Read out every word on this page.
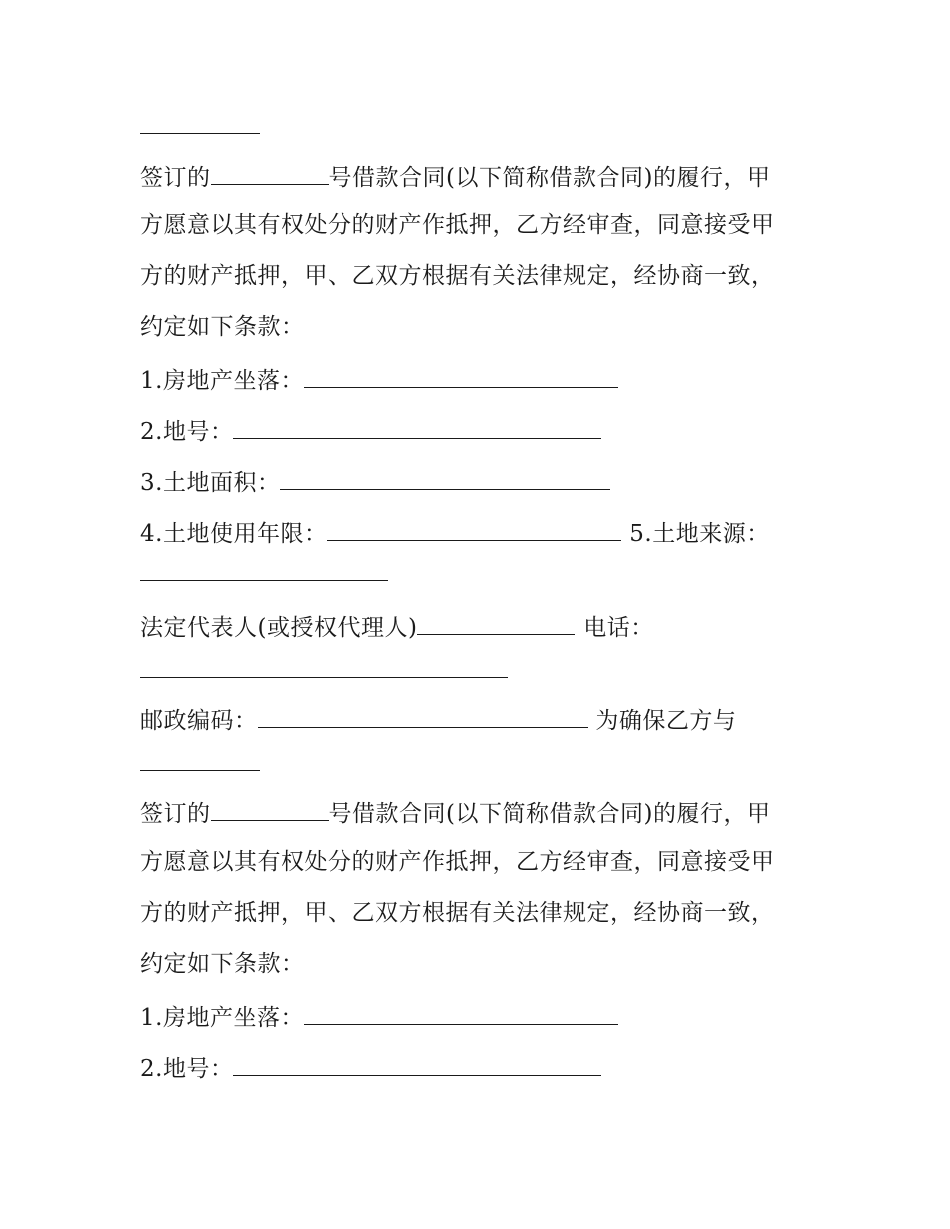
签订的	号借款合同(以下简称借款合同)的履行，甲
方愿意以其有权处分的财产作抵押，乙方经审查，同意接受甲
方的财产抵押，甲、乙双方根据有关法律规定，经协商一致，
约定如下条款：
1.房地产坐落：
2.地号：
3.土地面积：
4.土地使用年限：	5.土地来源：
法定代表人(或授权代理人)	电话：
邮政编码：	为确保乙方与
签订的	号借款合同(以下简称借款合同)的履行，甲
方愿意以其有权处分的财产作抵押，乙方经审查，同意接受甲
方的财产抵押，甲、乙双方根据有关法律规定，经协商一致，
约定如下条款：
1.房地产坐落：
2.地号：
